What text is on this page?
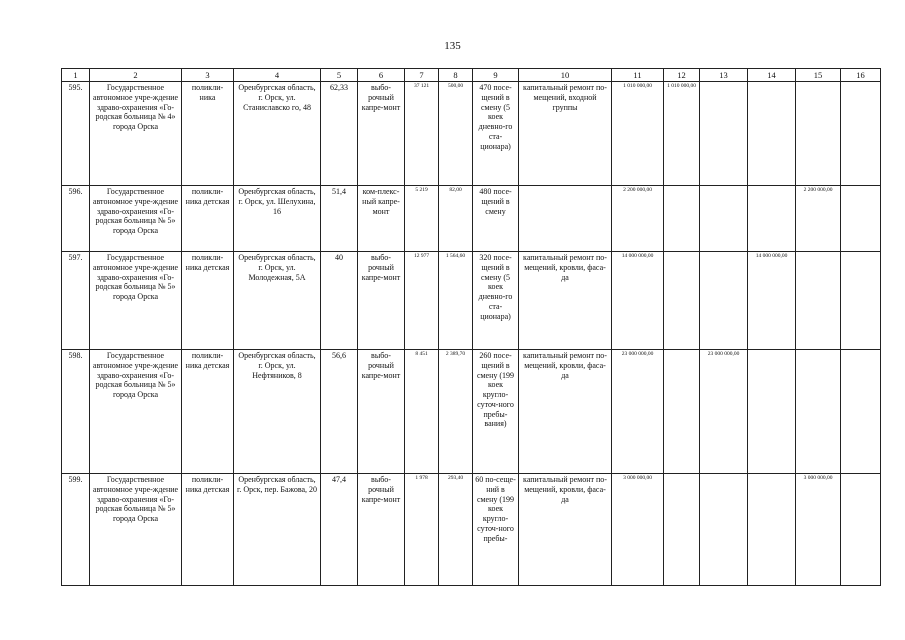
135
1	2	3	4	5	6	7	8	9	10	11	12	13	14	15	16
595.	Государственное автономное учре-ждение здраво-охранения «Го-родская больница № 4» города Орска	поликли-ника	Оренбургская область, г. Орск, ул. Станиславско го, 48	62,33	выбо-рочный капре-монт	37 121	500,00	470 посе-щений в смену (5 коек дневно-го ста-ционара)	капитальный ремонт по-мещений, входной группы	1 010 000,00	1 010 000,00				
596.	Государственное автономное учре-ждение здраво-охранения «Го-родская больница № 5» города Орска	поликли-ника детская	Оренбургская область, г. Орск, ул. Шелухина, 16	51,4	ком-плекс-ный капре-монт	5 219	82,00	480 посе-щений в смену		2 200 000,00				2 200 000,00	
597.	Государственное автономное учре-ждение здраво-охранения «Го-родская больница № 5» города Орска	поликли-ника детская	Оренбургская область, г. Орск, ул. Молодежная, 5А	40	выбо-рочный капре-монт	12 977	1 564,60	320 посе-щений в смену (5 коек дневно-го ста-ционара)	капитальный ремонт по-мещений, кровли, фаса-да	14 000 000,00			14 000 000,00		
598.	Государственное автономное учре-ждение здраво-охранения «Го-родская больница № 5» города Орска	поликли-ника детская	Оренбургская область, г. Орск, ул. Нефтяников, 8	56,6	выбо-рочный капре-монт	8 451	2 389,70	260 посе-щений в смену (199 коек кругло-суточ-ного пребы-вания)	капитальный ремонт по-мещений, кровли, фаса-да	23 000 000,00		23 000 000,00			
599.	Государственное автономное учре-ждение здраво-охранения «Го-родская больница № 5» города Орска	поликли-ника детская	Оренбургская область, г. Орск, пер. Бажова, 20	47,4	выбо-рочный капре-монт	1 978	293,40	60 по-сеще-ний в смену (199 коек кругло-суточ-ного пребы-	капитальный ремонт по-мещений, кровли, фаса-да	3 000 000,00				3 000 000,00	
